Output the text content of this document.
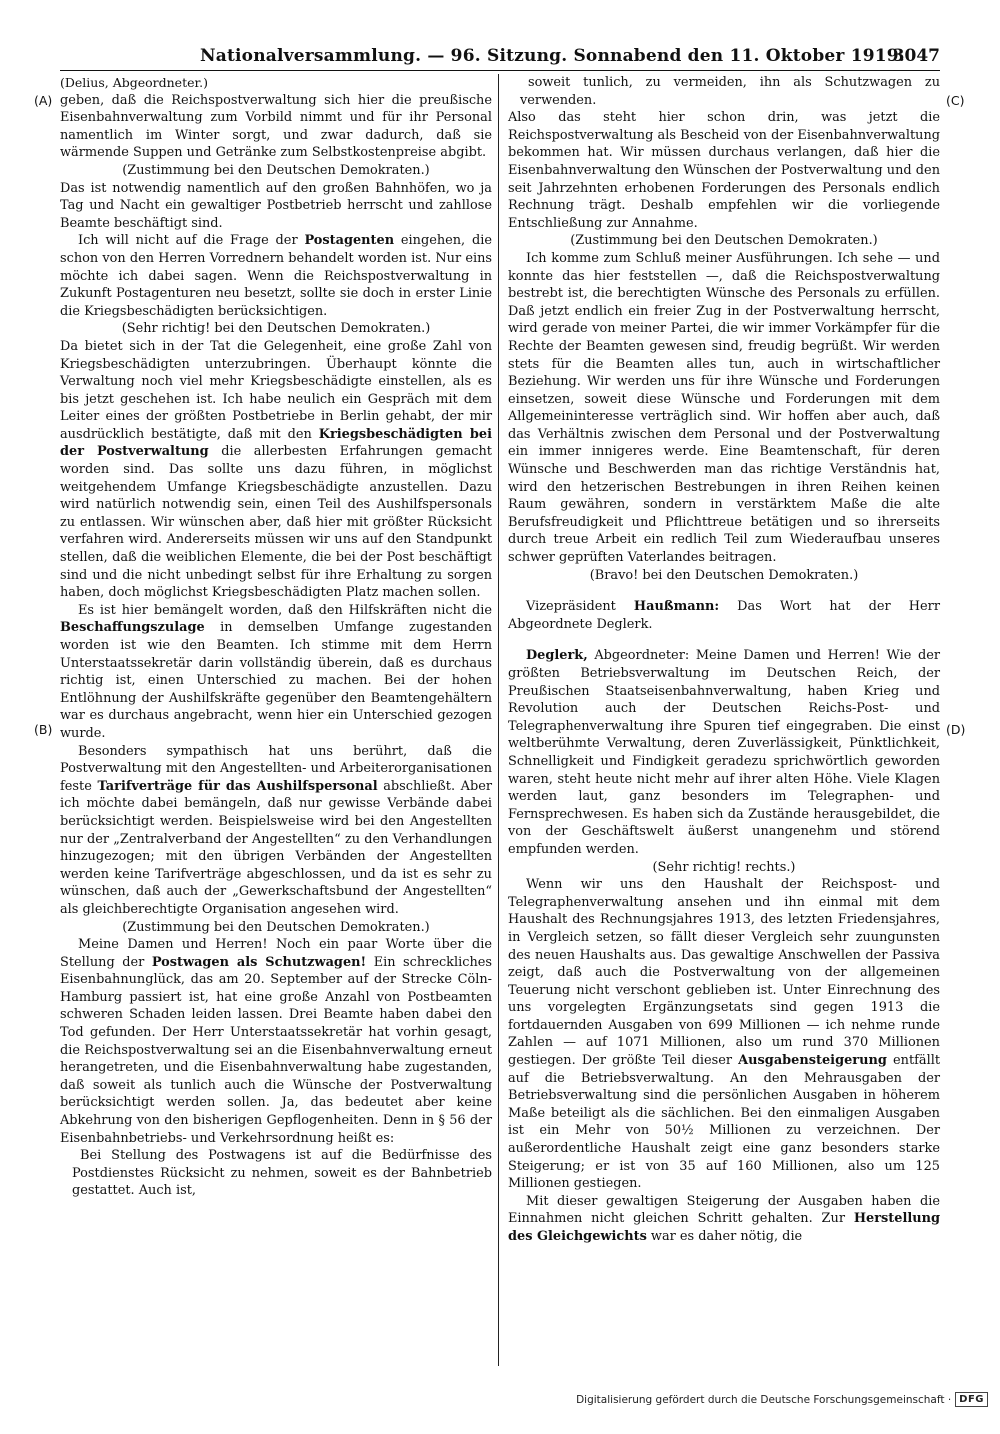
Nationalversammlung. — 96. Sitzung. Sonnabend den 11. Oktober 1919.
3047
(A)
(B)
(C)
(D)

(Delius, Abgeordneter.)

geben, daß die Reichspostverwaltung sich hier die preußische Eisenbahnverwaltung zum Vorbild nimmt und für ihr Personal namentlich im Winter sorgt, und zwar dadurch, daß sie wärmende Suppen und Getränke zum Selbstkostenpreise abgibt.

(Zustimmung bei den Deutschen Demokraten.)

Das ist notwendig namentlich auf den großen Bahnhöfen, wo ja Tag und Nacht ein gewaltiger Postbetrieb herrscht und zahllose Beamte beschäftigt sind.

Ich will nicht auf die Frage der Postagenten eingehen, die schon von den Herren Vorrednern behandelt worden ist. Nur eins möchte ich dabei sagen. Wenn die Reichspostverwaltung in Zukunft Postagenturen neu besetzt, sollte sie doch in erster Linie die Kriegsbeschädigten berücksichtigen.

(Sehr richtig! bei den Deutschen Demokraten.)

Da bietet sich in der Tat die Gelegenheit, eine große Zahl von Kriegsbeschädigten unterzubringen. Überhaupt könnte die Verwaltung noch viel mehr Kriegsbeschädigte einstellen, als es bis jetzt geschehen ist. Ich habe neulich ein Gespräch mit dem Leiter eines der größten Postbetriebe in Berlin gehabt, der mir ausdrücklich bestätigte, daß mit den Kriegsbeschädigten bei der Postverwaltung die allerbesten Erfahrungen gemacht worden sind. Das sollte uns dazu führen, in möglichst weitgehendem Umfange Kriegsbeschädigte anzustellen. Dazu wird natürlich notwendig sein, einen Teil des Aushilfspersonals zu entlassen. Wir wünschen aber, daß hier mit größter Rücksicht verfahren wird. Andererseits müssen wir uns auf den Standpunkt stellen, daß die weiblichen Elemente, die bei der Post beschäftigt sind und die nicht unbedingt selbst für ihre Erhaltung zu sorgen haben, doch möglichst Kriegsbeschädigten Platz machen sollen.

Es ist hier bemängelt worden, daß den Hilfskräften nicht die Beschaffungszulage in demselben Umfange zugestanden worden ist wie den Beamten. Ich stimme mit dem Herrn Unterstaatssekretär darin vollständig überein, daß es durchaus richtig ist, einen Unterschied zu machen. Bei der hohen Entlöhnung der Aushilfskräfte gegenüber den Beamtengehältern war es durchaus angebracht, wenn hier ein Unterschied gezogen wurde.

Besonders sympathisch hat uns berührt, daß die Postverwaltung mit den Angestellten- und Arbeiterorganisationen feste Tarifverträge für das Aushilfspersonal abschließt. Aber ich möchte dabei bemängeln, daß nur gewisse Verbände dabei berücksichtigt werden. Beispielsweise wird bei den Angestellten nur der „Zentralverband der Angestellten“ zu den Verhandlungen hinzugezogen; mit den übrigen Verbänden der Angestellten werden keine Tarifverträge abgeschlossen, und da ist es sehr zu wünschen, daß auch der „Gewerkschaftsbund der Angestellten“ als gleichberechtigte Organisation angesehen wird.

(Zustimmung bei den Deutschen Demokraten.)

Meine Damen und Herren! Noch ein paar Worte über die Stellung der Postwagen als Schutzwagen! Ein schreckliches Eisenbahnunglück, das am 20. September auf der Strecke Cöln-Hamburg passiert ist, hat eine große Anzahl von Postbeamten schweren Schaden leiden lassen. Drei Beamte haben dabei den Tod gefunden. Der Herr Unterstaatssekretär hat vorhin gesagt, die Reichspostverwaltung sei an die Eisenbahnverwaltung erneut herangetreten, und die Eisenbahnverwaltung habe zugestanden, daß soweit als tunlich auch die Wünsche der Postverwaltung berücksichtigt werden sollen. Ja, das bedeutet aber keine Abkehrung von den bisherigen Gepflogenheiten. Denn in § 56 der Eisenbahnbetriebs- und Verkehrsordnung heißt es:

Bei Stellung des Postwagens ist auf die Bedürfnisse des Postdienstes Rücksicht zu nehmen, soweit es der Bahnbetrieb gestattet. Auch ist,

soweit tunlich, zu vermeiden, ihn als Schutzwagen zu verwenden.

Also das steht hier schon drin, was jetzt die Reichspostverwaltung als Bescheid von der Eisenbahnverwaltung bekommen hat. Wir müssen durchaus verlangen, daß hier die Eisenbahnverwaltung den Wünschen der Postverwaltung und den seit Jahrzehnten erhobenen Forderungen des Personals endlich Rechnung trägt. Deshalb empfehlen wir die vorliegende Entschließung zur Annahme.

(Zustimmung bei den Deutschen Demokraten.)

Ich komme zum Schluß meiner Ausführungen. Ich sehe — und konnte das hier feststellen —, daß die Reichspostverwaltung bestrebt ist, die berechtigten Wünsche des Personals zu erfüllen. Daß jetzt endlich ein freier Zug in der Postverwaltung herrscht, wird gerade von meiner Partei, die wir immer Vorkämpfer für die Rechte der Beamten gewesen sind, freudig begrüßt. Wir werden stets für die Beamten alles tun, auch in wirtschaftlicher Beziehung. Wir werden uns für ihre Wünsche und Forderungen einsetzen, soweit diese Wünsche und Forderungen mit dem Allgemeininteresse verträglich sind. Wir hoffen aber auch, daß das Verhältnis zwischen dem Personal und der Postverwaltung ein immer innigeres werde. Eine Beamtenschaft, für deren Wünsche und Beschwerden man das richtige Verständnis hat, wird den hetzerischen Bestrebungen in ihren Reihen keinen Raum gewähren, sondern in verstärktem Maße die alte Berufsfreudigkeit und Pflichttreue betätigen und so ihrerseits durch treue Arbeit ein redlich Teil zum Wiederaufbau unseres schwer geprüften Vaterlandes beitragen.

(Bravo! bei den Deutschen Demokraten.)

Vizepräsident Haußmann: Das Wort hat der Herr Abgeordnete Deglerk.

Deglerk, Abgeordneter: Meine Damen und Herren! Wie der größten Betriebsverwaltung im Deutschen Reich, der Preußischen Staatseisenbahnverwaltung, haben Krieg und Revolution auch der Deutschen Reichs-Post- und Telegraphenverwaltung ihre Spuren tief eingegraben. Die einst weltberühmte Verwaltung, deren Zuverlässigkeit, Pünktlichkeit, Schnelligkeit und Findigkeit geradezu sprichwörtlich geworden waren, steht heute nicht mehr auf ihrer alten Höhe. Viele Klagen werden laut, ganz besonders im Telegraphen- und Fernsprechwesen. Es haben sich da Zustände herausgebildet, die von der Geschäftswelt äußerst unangenehm und störend empfunden werden.

(Sehr richtig! rechts.)

Wenn wir uns den Haushalt der Reichspost- und Telegraphenverwaltung ansehen und ihn einmal mit dem Haushalt des Rechnungsjahres 1913, des letzten Friedensjahres, in Vergleich setzen, so fällt dieser Vergleich sehr zuungunsten des neuen Haushalts aus. Das gewaltige Anschwellen der Passiva zeigt, daß auch die Postverwaltung von der allgemeinen Teuerung nicht verschont geblieben ist. Unter Einrechnung des uns vorgelegten Ergänzungsetats sind gegen 1913 die fortdauernden Ausgaben von 699 Millionen — ich nehme runde Zahlen — auf 1071 Millionen, also um rund 370 Millionen gestiegen. Der größte Teil dieser Ausgabensteigerung entfällt auf die Betriebsverwaltung. An den Mehrausgaben der Betriebsverwaltung sind die persönlichen Ausgaben in höherem Maße beteiligt als die sächlichen. Bei den einmaligen Ausgaben ist ein Mehr von 50½ Millionen zu verzeichnen. Der außerordentliche Haushalt zeigt eine ganz besonders starke Steigerung; er ist von 35 auf 160 Millionen, also um 125 Millionen gestiegen.

Mit dieser gewaltigen Steigerung der Ausgaben haben die Einnahmen nicht gleichen Schritt gehalten. Zur Herstellung des Gleichgewichts war es daher nötig, die

Digitalisierung gefördert durch die Deutsche Forschungsgemeinschaft · DFG
